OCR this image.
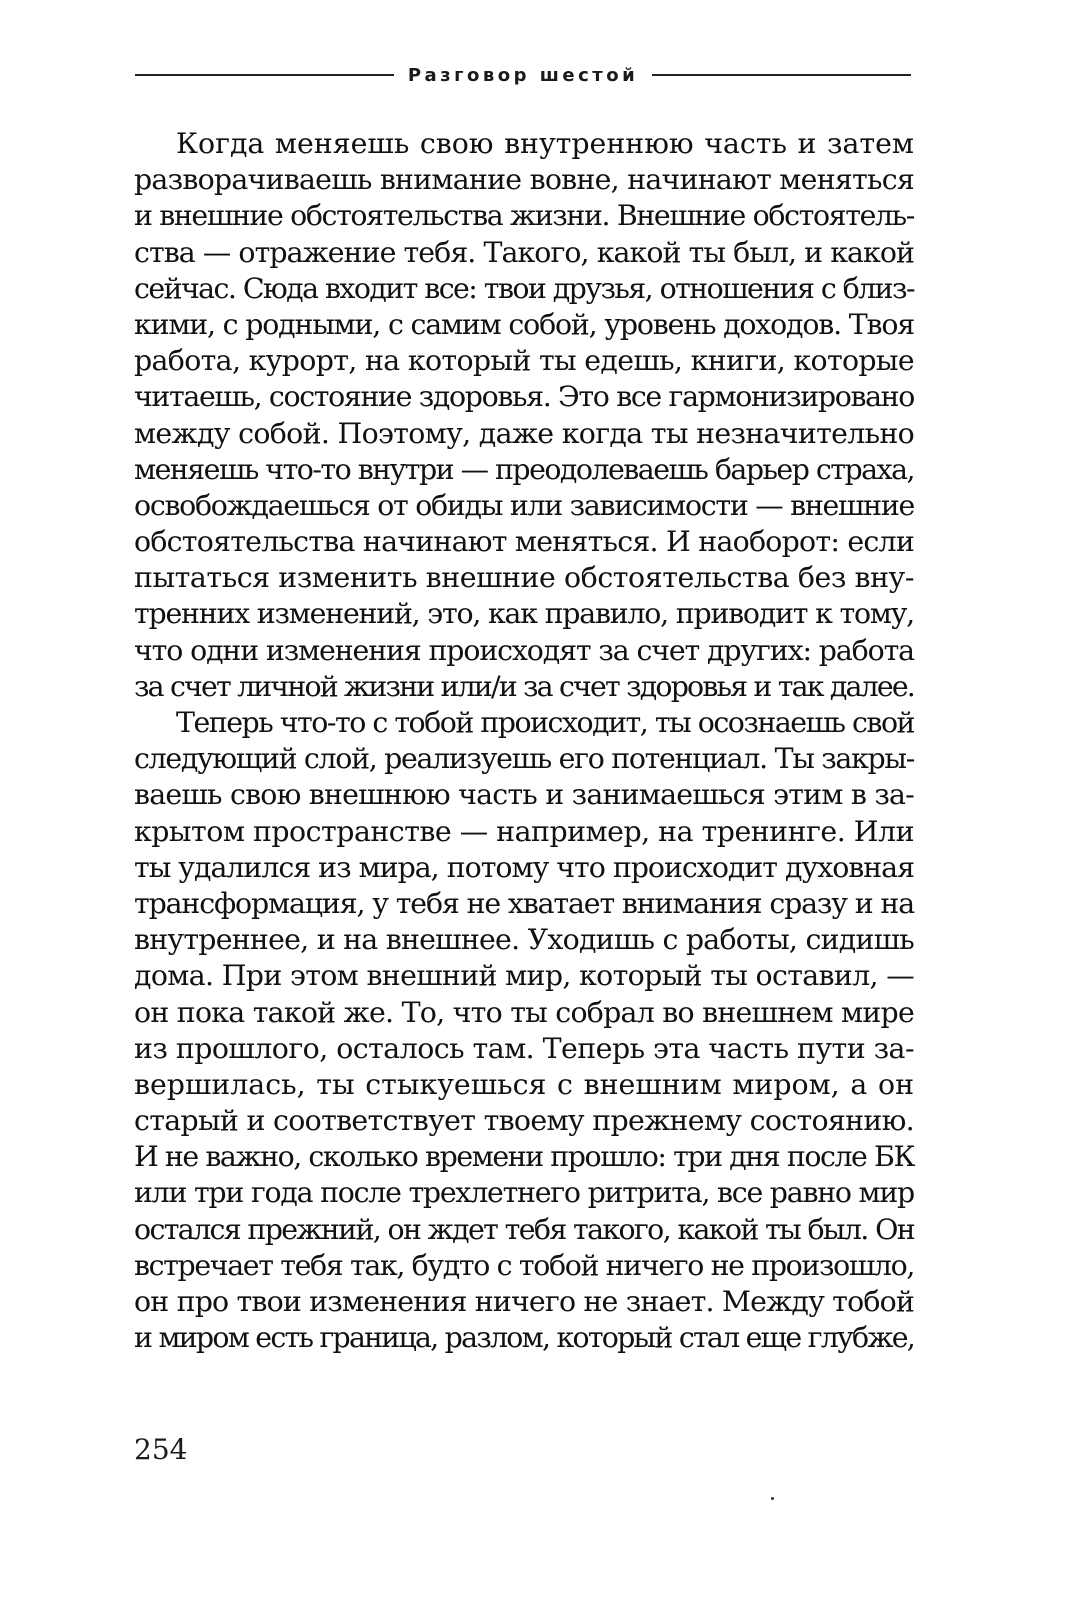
Разговор шестой
Когда меняешь свою внутреннюю часть и затем
разворачиваешь внимание вовне, начинают меняться
и внешние обстоятельства жизни. Внешние обстоятель-
ства — отражение тебя. Такого, какой ты был, и какой
сейчас. Сюда входит все: твои друзья, отношения с близ-
кими, с родными, с самим собой, уровень доходов. Твоя
работа, курорт, на который ты едешь, книги, которые
читаешь, состояние здоровья. Это все гармонизировано
между собой. Поэтому, даже когда ты незначительно
меняешь что-то внутри — преодолеваешь барьер страха,
освобождаешься от обиды или зависимости — внешние
обстоятельства начинают меняться. И наоборот: если
пытаться изменить внешние обстоятельства без вну-
тренних изменений, это, как правило, приводит к тому,
что одни изменения происходят за счет других: работа
за счет личной жизни или/и за счет здоровья и так далее.
Теперь что-то с тобой происходит, ты осознаешь свой
следующий слой, реализуешь его потенциал. Ты закры-
ваешь свою внешнюю часть и занимаешься этим в за-
крытом пространстве — например, на тренинге. Или
ты удалился из мира, потому что происходит духовная
трансформация, у тебя не хватает внимания сразу и на
внутреннее, и на внешнее. Уходишь с работы, сидишь
дома. При этом внешний мир, который ты оставил, —
он пока такой же. То, что ты собрал во внешнем мире
из прошлого, осталось там. Теперь эта часть пути за-
вершилась, ты стыкуешься с внешним миром, а он
старый и соответствует твоему прежнему состоянию.
И не важно, сколько времени прошло: три дня после БК
или три года после трехлетнего ритрита, все равно мир
остался прежний, он ждет тебя такого, какой ты был. Он
встречает тебя так, будто с тобой ничего не произошло,
он про твои изменения ничего не знает. Между тобой
и миром есть граница, разлом, который стал еще глубже,
254
